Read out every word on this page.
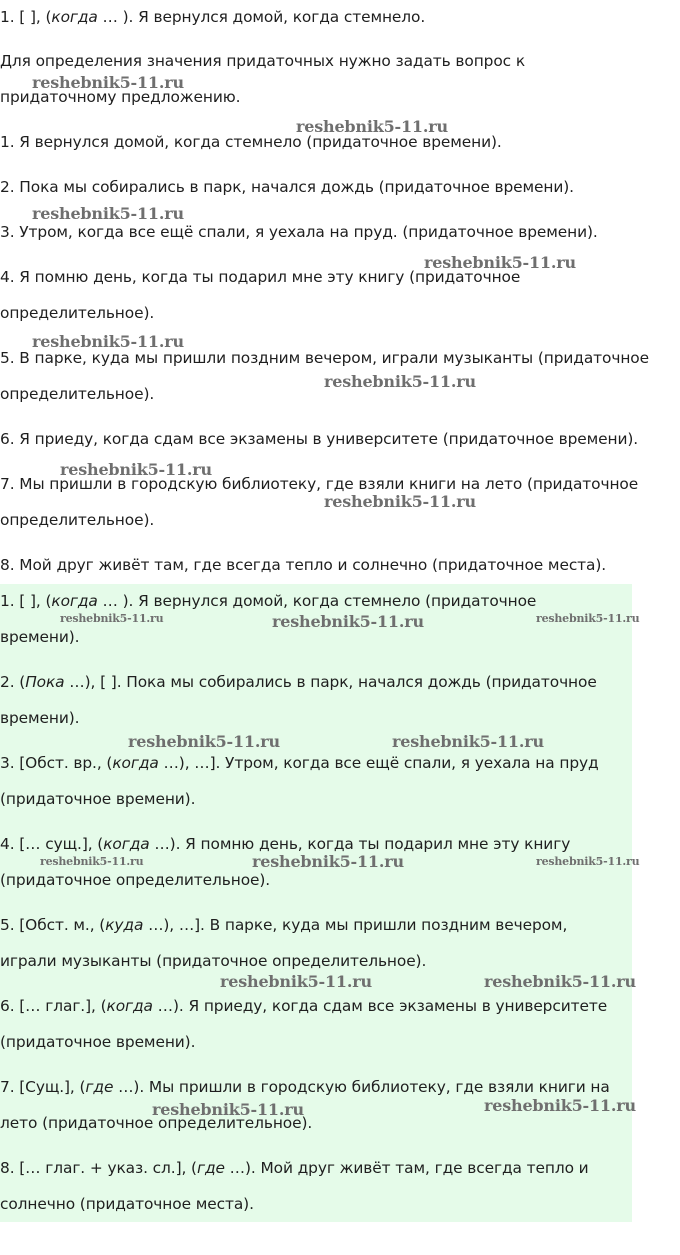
1. [ ], (когда … ). Я вернулся домой, когда стемнело.
Для определения значения придаточных нужно задать вопрос к
придаточному предложению.
1. Я вернулся домой, когда стемнело (придаточное времени).
2. Пока мы собирались в парк, начался дождь (придаточное времени).
3. Утром, когда все ещё спали, я уехала на пруд. (придаточное времени).
4. Я помню день, когда ты подарил мне эту книгу (придаточное
определительное).
5. В парке, куда мы пришли поздним вечером, играли музыканты (придаточное
определительное).
6. Я приеду, когда сдам все экзамены в университете (придаточное времени).
7. Мы пришли в городскую библиотеку, где взяли книги на лето (придаточное
определительное).
8. Мой друг живёт там, где всегда тепло и солнечно (придаточное места).
1. [ ], (когда … ). Я вернулся домой, когда стемнело (придаточное
времени).
2. (Пока …), [ ]. Пока мы собирались в парк, начался дождь (придаточное
времени).
3. [Обст. вр., (когда …), …]. Утром, когда все ещё спали, я уехала на пруд
(придаточное времени).
4. [… сущ.], (когда …). Я помню день, когда ты подарил мне эту книгу
(придаточное определительное).
5. [Обст. м., (куда …), …]. В парке, куда мы пришли поздним вечером,
играли музыканты (придаточное определительное).
6. [… глаг.], (когда …). Я приеду, когда сдам все экзамены в университете
(придаточное времени).
7. [Сущ.], (где …). Мы пришли в городскую библиотеку, где взяли книги на
лето (придаточное определительное).
8. [… глаг. + указ. сл.], (где …). Мой друг живёт там, где всегда тепло и
солнечно (придаточное места).
reshebnik5-11.ru
reshebnik5-11.ru
reshebnik5-11.ru
reshebnik5-11.ru
reshebnik5-11.ru
reshebnik5-11.ru
reshebnik5-11.ru
reshebnik5-11.ru
reshebnik5-11.ru	reshebnik5-11.ru	reshebnik5-11.ru
reshebnik5-11.ru	reshebnik5-11.ru
reshebnik5-11.ru	reshebnik5-11.ru	reshebnik5-11.ru
reshebnik5-11.ru	reshebnik5-11.ru
reshebnik5-11.ru	reshebnik5-11.ru
